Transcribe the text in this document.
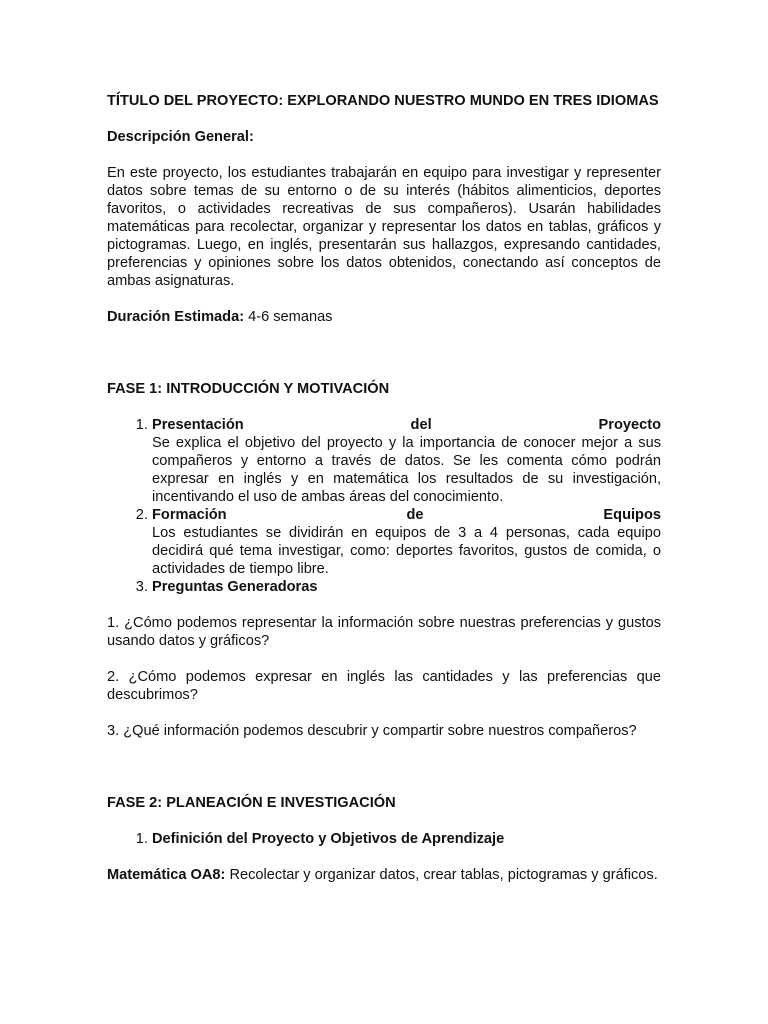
TÍTULO DEL PROYECTO: EXPLORANDO NUESTRO MUNDO EN TRES IDIOMAS

Descripción General:

En este proyecto, los estudiantes trabajarán en equipo para investigar y representer datos sobre temas de su entorno o de su interés (hábitos alimenticios, deportes favoritos, o actividades recreativas de sus compañeros). Usarán habilidades matemáticas para recolectar, organizar y representar los datos en tablas, gráficos y pictogramas. Luego, en inglés, presentarán sus hallazgos, expresando cantidades, preferencias y opiniones sobre los datos obtenidos, conectando así conceptos de ambas asignaturas.

Duración Estimada: 4-6 semanas

FASE 1: INTRODUCCIÓN Y MOTIVACIÓN

1. Presentación	del	Proyecto
Se explica el objetivo del proyecto y la importancia de conocer mejor a sus compañeros y entorno a través de datos. Se les comenta cómo podrán expresar en inglés y en matemática los resultados de su investigación, incentivando el uso de ambas áreas del conocimiento.
2. Formación	de	Equipos
Los estudiantes se dividirán en equipos de 3 a 4 personas, cada equipo decidirá qué tema investigar, como: deportes favoritos, gustos de comida, o actividades de tiempo libre.
3. Preguntas Generadoras

1. ¿Cómo podemos representar la información sobre nuestras preferencias y gustos usando datos y gráficos?

2. ¿Cómo podemos expresar en inglés las cantidades y las preferencias que descubrimos?

3. ¿Qué información podemos descubrir y compartir sobre nuestros compañeros?

FASE 2: PLANEACIÓN E INVESTIGACIÓN

1. Definición del Proyecto y Objetivos de Aprendizaje

Matemática OA8: Recolectar y organizar datos, crear tablas, pictogramas y gráficos.
